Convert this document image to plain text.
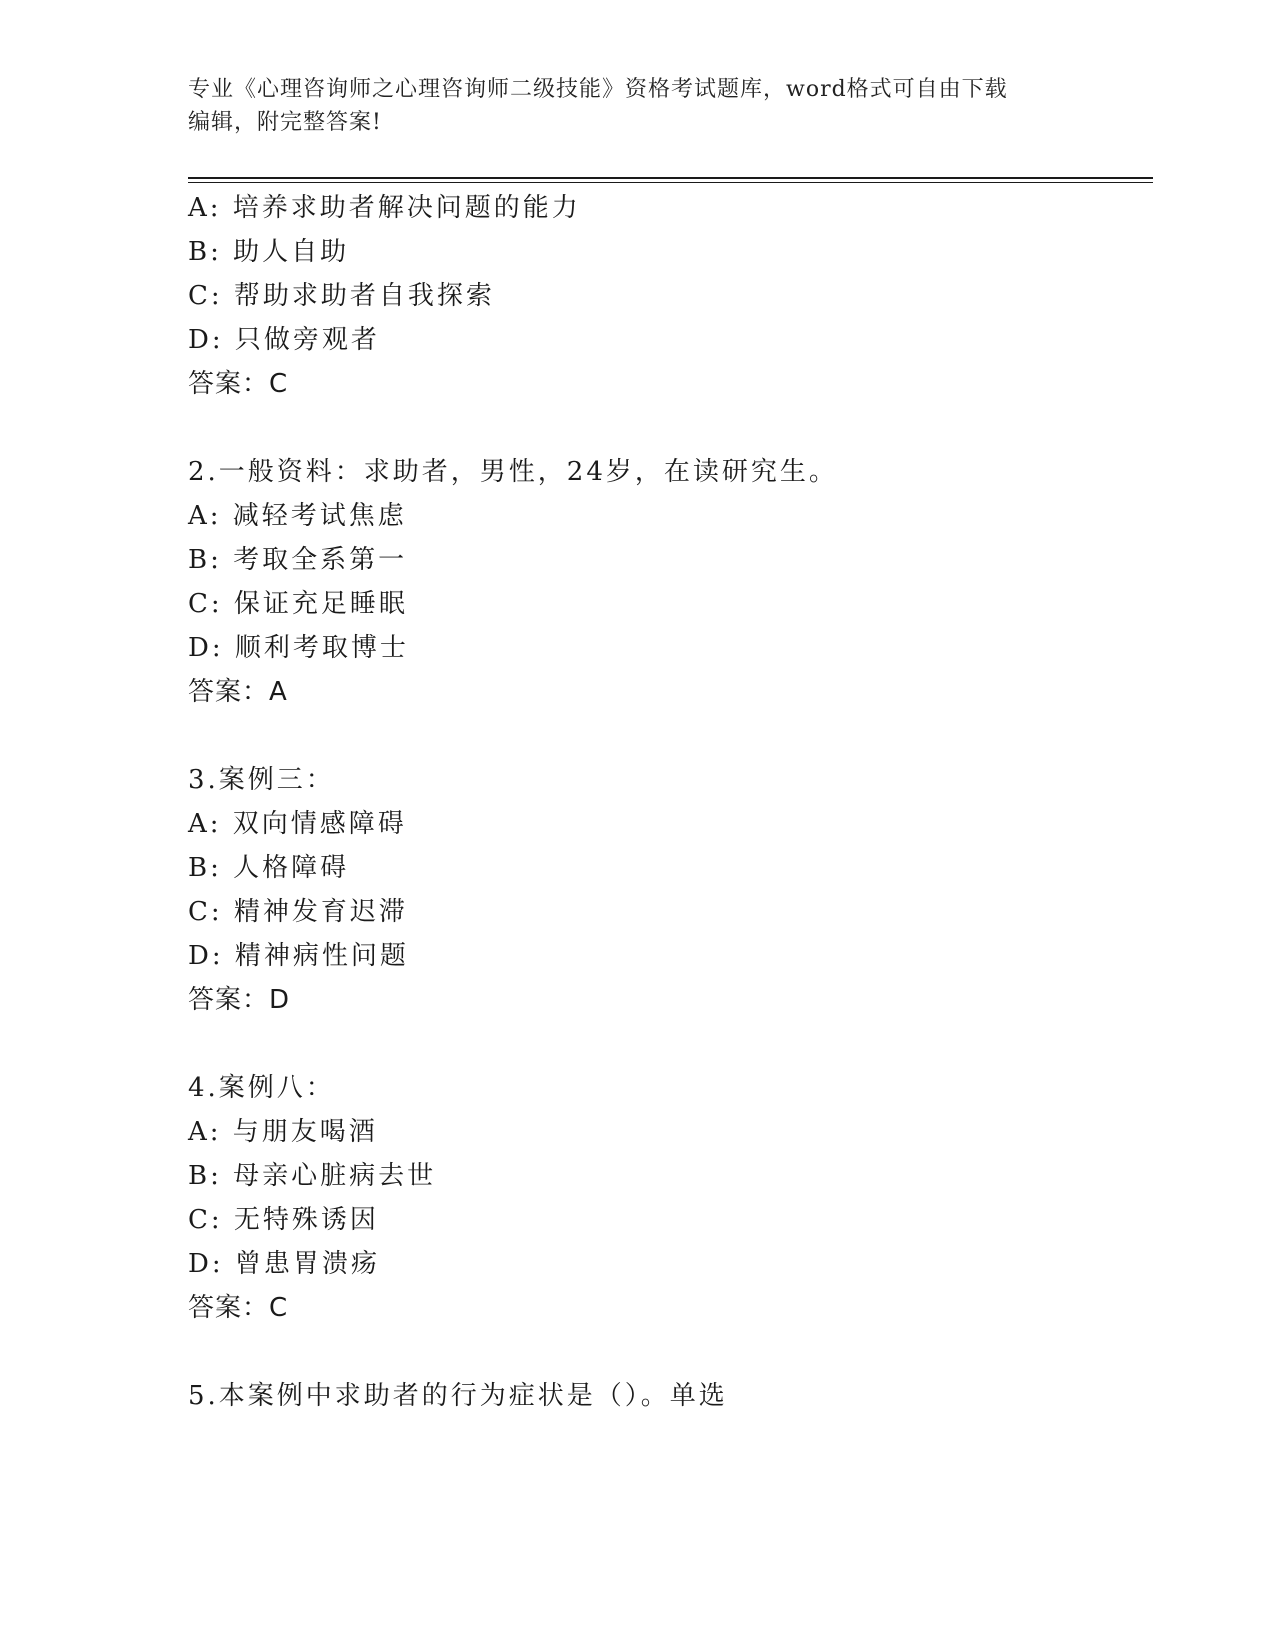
专业《心理咨询师之心理咨询师二级技能》资格考试题库，word格式可自由下载
编辑，附完整答案!
A: 培养求助者解决问题的能力
B: 助人自助
C: 帮助求助者自我探索
D: 只做旁观者
答案：C
2.一般资料：求助者，男性，24岁，在读研究生。
A: 减轻考试焦虑
B: 考取全系第一
C: 保证充足睡眠
D: 顺利考取博士
答案：A
3.案例三：
A: 双向情感障碍
B: 人格障碍
C: 精神发育迟滞
D: 精神病性问题
答案：D
4.案例八：
A: 与朋友喝酒
B: 母亲心脏病去世
C: 无特殊诱因
D: 曾患胃溃疡
答案：C
5.本案例中求助者的行为症状是（）。单选
